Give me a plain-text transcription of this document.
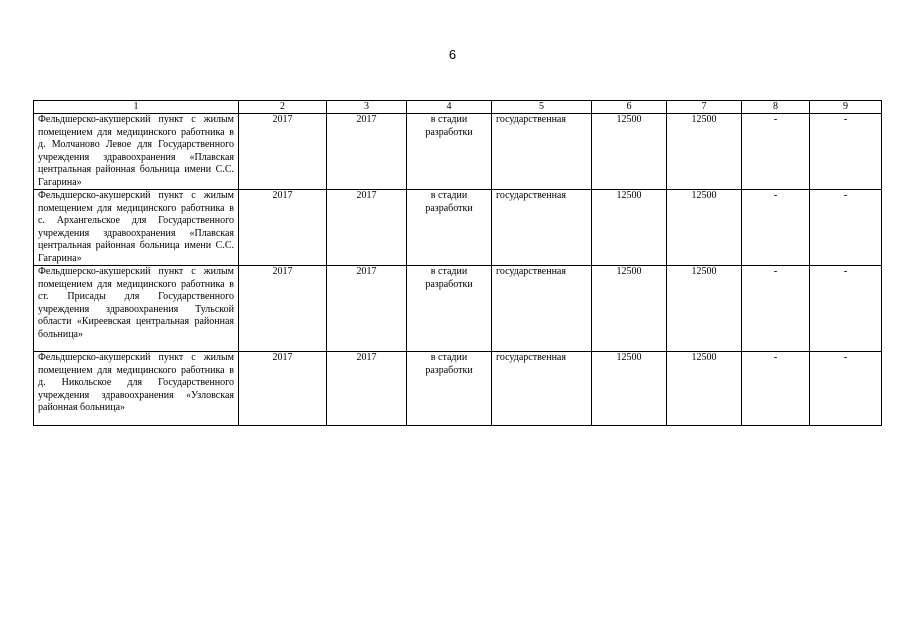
6
1	2	3	4	5	6	7	8	9
Фельдшерско-акушерский пункт с жилым помещением для медицинского работника в д. Молчаново Левое для Государственного учреждения здравоохранения «Плавская центральная районная больница имени С.С. Гагарина»	2017	2017	в стадии разработки	государственная	12500	12500	-	-
Фельдшерско-акушерский пункт с жилым помещением для медицинского работника в с. Архангельское для Государственного учреждения здравоохранения «Плавская центральная районная больница имени С.С. Гагарина»	2017	2017	в стадии разработки	государственная	12500	12500	-	-
Фельдшерско-акушерский пункт с жилым помещением для медицинского работника в ст. Присады для Государственного учреждения здравоохранения Тульской области «Киреевская центральная районная больница»	2017	2017	в стадии разработки	государственная	12500	12500	-	-
Фельдшерско-акушерский пункт с жилым помещением для медицинского работника в д. Никольское для Государственного учреждения здравоохранения «Узловская районная больница»	2017	2017	в стадии разработки	государственная	12500	12500	-	-
